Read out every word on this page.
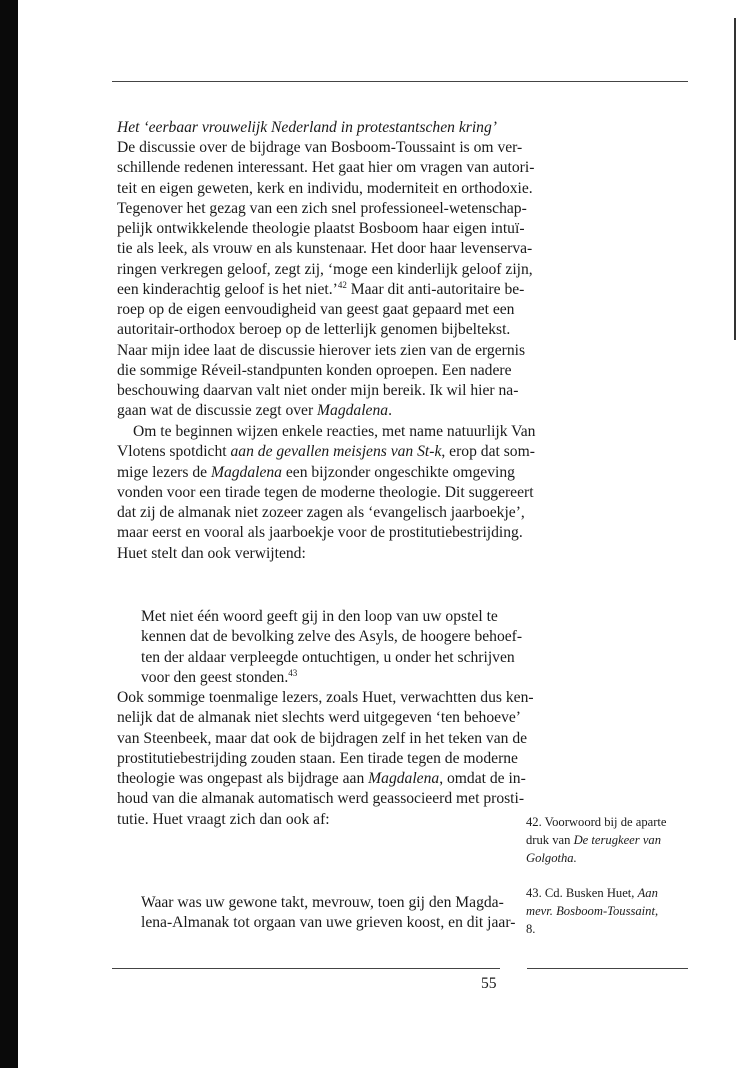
Het ‘eerbaar vrouwelijk Nederland in protestantschen kring’
De discussie over de bijdrage van Bosboom-Toussaint is om ver-
schillende redenen interessant. Het gaat hier om vragen van autori-
teit en eigen geweten, kerk en individu, moderniteit en orthodoxie.
Tegenover het gezag van een zich snel professioneel-wetenschap-
pelijk ontwikkelende theologie plaatst Bosboom haar eigen intuï-
tie als leek, als vrouw en als kunstenaar. Het door haar levenserva-
ringen verkregen geloof, zegt zij, ‘moge een kinderlijk geloof zijn,
een kinderachtig geloof is het niet.’$^{42}$ Maar dit anti-autoritaire be-
roep op de eigen eenvoudigheid van geest gaat gepaard met een
autoritair-orthodox beroep op de letterlijk genomen bijbeltekst.
Naar mijn idee laat de discussie hierover iets zien van de ergernis
die sommige Réveil-standpunten konden oproepen. Een nadere
beschouwing daarvan valt niet onder mijn bereik. Ik wil hier na-
gaan wat de discussie zegt over Magdalena.
Om te beginnen wijzen enkele reacties, met name natuurlijk Van
Vlotens spotdicht aan de gevallen meisjens van St-k, erop dat som-
mige lezers de Magdalena een bijzonder ongeschikte omgeving
vonden voor een tirade tegen de moderne theologie. Dit suggereert
dat zij de almanak niet zozeer zagen als ‘evangelisch jaarboekje’,
maar eerst en vooral als jaarboekje voor de prostitutiebestrijding.
Huet stelt dan ook verwijtend:
Met niet één woord geeft gij in den loop van uw opstel te
kennen dat de bevolking zelve des Asyls, de hoogere behoef-
ten der aldaar verpleegde ontuchtigen, u onder het schrijven
voor den geest stonden.$^{43}$
Ook sommige toenmalige lezers, zoals Huet, verwachtten dus ken-
nelijk dat de almanak niet slechts werd uitgegeven ‘ten behoeve’
van Steenbeek, maar dat ook de bijdragen zelf in het teken van de
prostitutiebestrijding zouden staan. Een tirade tegen de moderne
theologie was ongepast als bijdrage aan Magdalena, omdat de in-
houd van die almanak automatisch werd geassocieerd met prosti-
tutie. Huet vraagt zich dan ook af:
Waar was uw gewone takt, mevrouw, toen gij den Magda-
lena-Almanak tot orgaan van uwe grieven koost, en dit jaar-
42. Voorwoord bij de aparte
druk van De terugkeer van
Golgotha.
43. Cd. Busken Huet, Aan
mevr. Bosboom-Toussaint,
8.
55
